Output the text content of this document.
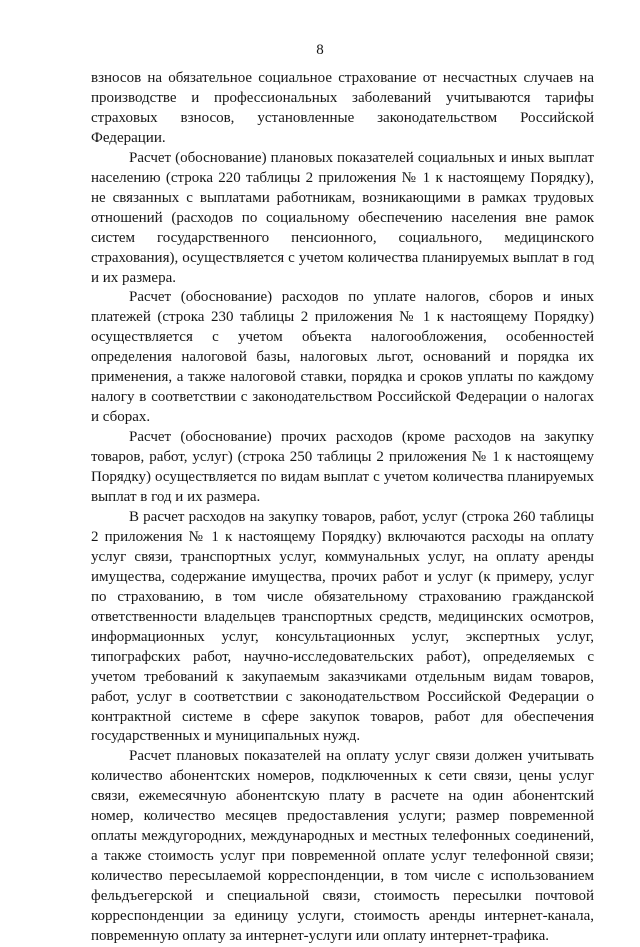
8

взносов на обязательное социальное страхование от несчастных случаев на производстве и профессиональных заболеваний учитываются тарифы страховых взносов, установленные законодательством Российской Федерации.

Расчет (обоснование) плановых показателей социальных и иных выплат населению (строка 220 таблицы 2 приложения № 1 к настоящему Порядку), не связанных с выплатами работникам, возникающими в рамках трудовых отношений (расходов по социальному обеспечению населения вне рамок систем государственного пенсионного, социального, медицинского страхования), осуществляется с учетом количества планируемых выплат в год и их размера.

Расчет (обоснование) расходов по уплате налогов, сборов и иных платежей (строка 230 таблицы 2 приложения № 1 к настоящему Порядку) осуществляется с учетом объекта налогообложения, особенностей определения налоговой базы, налоговых льгот, оснований и порядка их применения, а также налоговой ставки, порядка и сроков уплаты по каждому налогу в соответствии с законодательством Российской Федерации о налогах и сборах.

Расчет (обоснование) прочих расходов (кроме расходов на закупку товаров, работ, услуг) (строка 250 таблицы 2 приложения № 1 к настоящему Порядку) осуществляется по видам выплат с учетом количества планируемых выплат в год и их размера.

В расчет расходов на закупку товаров, работ, услуг (строка 260 таблицы 2 приложения № 1 к настоящему Порядку) включаются расходы на оплату услуг связи, транспортных услуг, коммунальных услуг, на оплату аренды имущества, содержание имущества, прочих работ и услуг (к примеру, услуг по страхованию, в том числе обязательному страхованию гражданской ответственности владельцев транспортных средств, медицинских осмотров, информационных услуг, консультационных услуг, экспертных услуг, типографских работ, научно-исследовательских работ), определяемых с учетом требований к закупаемым заказчиками отдельным видам товаров, работ, услуг в соответствии с законодательством Российской Федерации о контрактной системе в сфере закупок товаров, работ для обеспечения государственных и муниципальных нужд.

Расчет плановых показателей на оплату услуг связи должен учитывать количество абонентских номеров, подключенных к сети связи, цены услуг связи, ежемесячную абонентскую плату в расчете на один абонентский номер, количество месяцев предоставления услуги; размер повременной оплаты междугородних, международных и местных телефонных соединений, а также стоимость услуг при повременной оплате услуг телефонной связи; количество пересылаемой корреспонденции, в том числе с использованием фельдъегерской и специальной связи, стоимость пересылки почтовой корреспонденции за единицу услуги, стоимость аренды интернет-канала, повременную оплату за интернет-услуги или оплату интернет-трафика.
